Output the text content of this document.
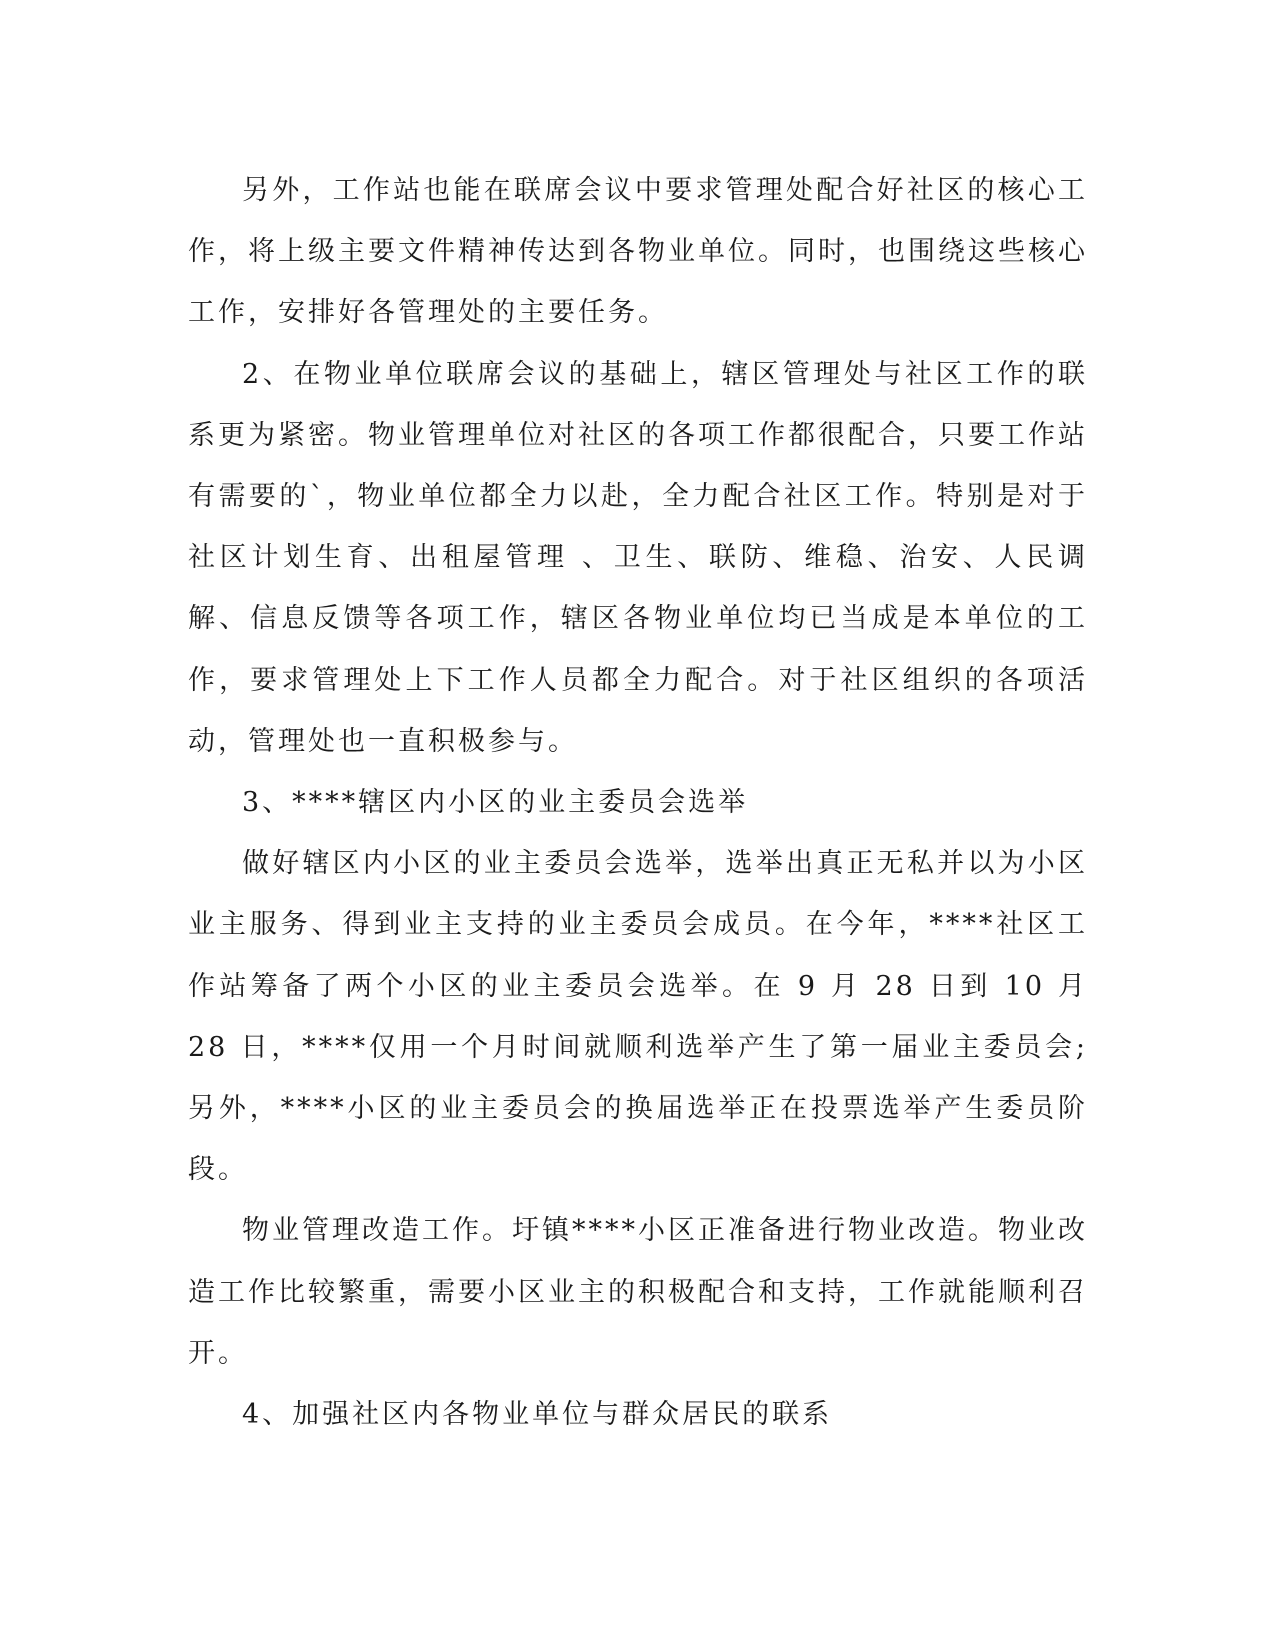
另外，工作站也能在联席会议中要求管理处配合好社区的核心工作，将上级主要文件精神传达到各物业单位。同时，也围绕这些核心工作，安排好各管理处的主要任务。

2、在物业单位联席会议的基础上，辖区管理处与社区工作的联系更为紧密。物业管理单位对社区的各项工作都很配合，只要工作站有需要的`，物业单位都全力以赴，全力配合社区工作。特别是对于社区计划生育、出租屋管理 、卫生、联防、维稳、治安、人民调解、信息反馈等各项工作，辖区各物业单位均已当成是本单位的工作，要求管理处上下工作人员都全力配合。对于社区组织的各项活动，管理处也一直积极参与。

3、****辖区内小区的业主委员会选举

做好辖区内小区的业主委员会选举，选举出真正无私并以为小区业主服务、得到业主支持的业主委员会成员。在今年，****社区工作站筹备了两个小区的业主委员会选举。在 9 月 28 日到 10 月 28 日，****仅用一个月时间就顺利选举产生了第一届业主委员会;另外，****小区的业主委员会的换届选举正在投票选举产生委员阶段。

物业管理改造工作。圩镇****小区正准备进行物业改造。物业改造工作比较繁重，需要小区业主的积极配合和支持，工作就能顺利召开。

4、加强社区内各物业单位与群众居民的联系
